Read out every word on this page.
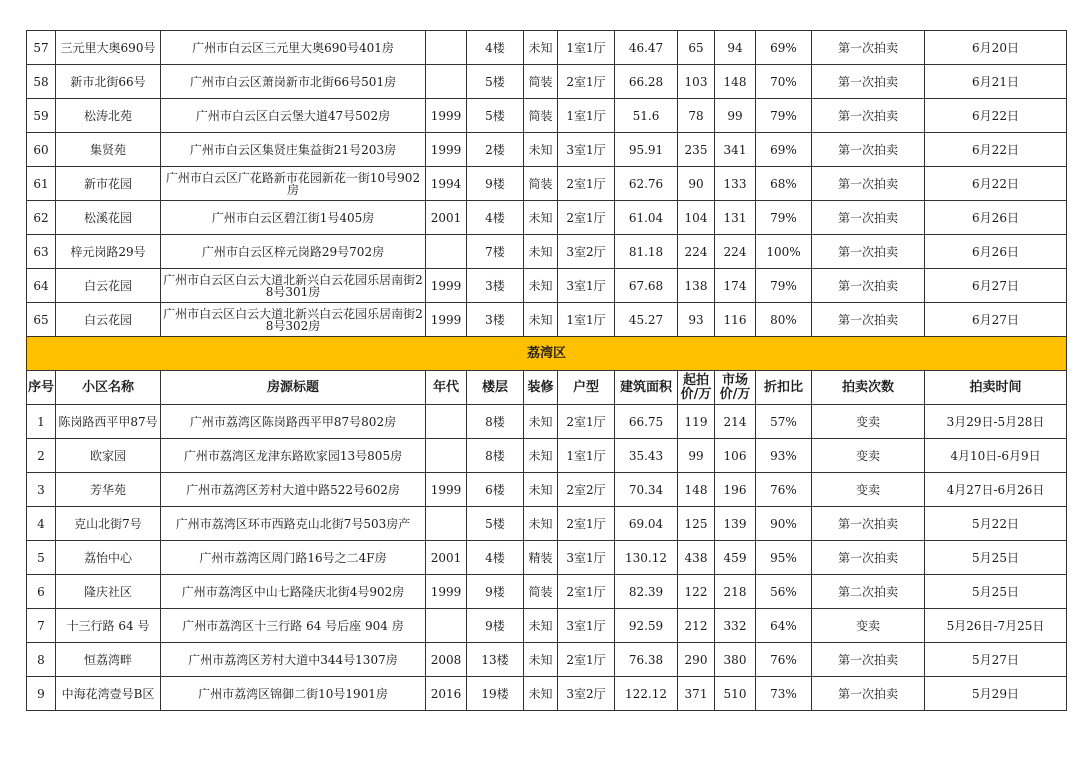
57	三元里大奥690号	广州市白云区三元里大奥690号401房		4楼	未知	1室1厅	46.47	65	94	69%	第一次拍卖	6月20日
58	新市北街66号	广州市白云区萧岗新市北街66号501房		5楼	简装	2室1厅	66.28	103	148	70%	第一次拍卖	6月21日
59	松涛北苑	广州市白云区白云堡大道47号502房	1999	5楼	简装	1室1厅	51.6	78	99	79%	第一次拍卖	6月22日
60	集贤苑	广州市白云区集贤庄集益街21号203房	1999	2楼	未知	3室1厅	95.91	235	341	69%	第一次拍卖	6月22日
61	新市花园	广州市白云区广花路新市花园新花一街10号902房	1994	9楼	简装	2室1厅	62.76	90	133	68%	第一次拍卖	6月22日
62	松溪花园	广州市白云区碧江街1号405房	2001	4楼	未知	2室1厅	61.04	104	131	79%	第一次拍卖	6月26日
63	梓元岗路29号	广州市白云区梓元岗路29号702房		7楼	未知	3室2厅	81.18	224	224	100%	第一次拍卖	6月26日
64	白云花园	广州市白云区白云大道北新兴白云花园乐居南街28号301房	1999	3楼	未知	3室1厅	67.68	138	174	79%	第一次拍卖	6月27日
65	白云花园	广州市白云区白云大道北新兴白云花园乐居南街28号302房	1999	3楼	未知	1室1厅	45.27	93	116	80%	第一次拍卖	6月27日
荔湾区												
序号	小区名称	房源标题	年代	楼层	装修	户型	建筑面积	起拍价/万	市场价/万	折扣比	拍卖次数	拍卖时间
1	陈岗路西平甲87号	广州市荔湾区陈岗路西平甲87号802房		8楼	未知	2室1厅	66.75	119	214	57%	变卖	3月29日-5月28日
2	欧家园	广州市荔湾区龙津东路欧家园13号805房		8楼	未知	1室1厅	35.43	99	106	93%	变卖	4月10日-6月9日
3	芳华苑	广州市荔湾区芳村大道中路522号602房	1999	6楼	未知	2室2厅	70.34	148	196	76%	变卖	4月27日-6月26日
4	克山北街7号	广州市荔湾区环市西路克山北街7号503房产		5楼	未知	2室1厅	69.04	125	139	90%	第一次拍卖	5月22日
5	荔怡中心	广州市荔湾区周门路16号之二4F房	2001	4楼	精装	3室1厅	130.12	438	459	95%	第一次拍卖	5月25日
6	隆庆社区	广州市荔湾区中山七路隆庆北街4号902房	1999	9楼	简装	2室1厅	82.39	122	218	56%	第二次拍卖	5月25日
7	十三行路 64 号	广州市荔湾区十三行路 64 号后座 904 房		9楼	未知	3室1厅	92.59	212	332	64%	变卖	5月26日-7月25日
8	恒荔湾畔	广州市荔湾区芳村大道中344号1307房	2008	13楼	未知	2室1厅	76.38	290	380	76%	第一次拍卖	5月27日
9	中海花湾壹号B区	广州市荔湾区锦御二街10号1901房	2016	19楼	未知	3室2厅	122.12	371	510	73%	第一次拍卖	5月29日
